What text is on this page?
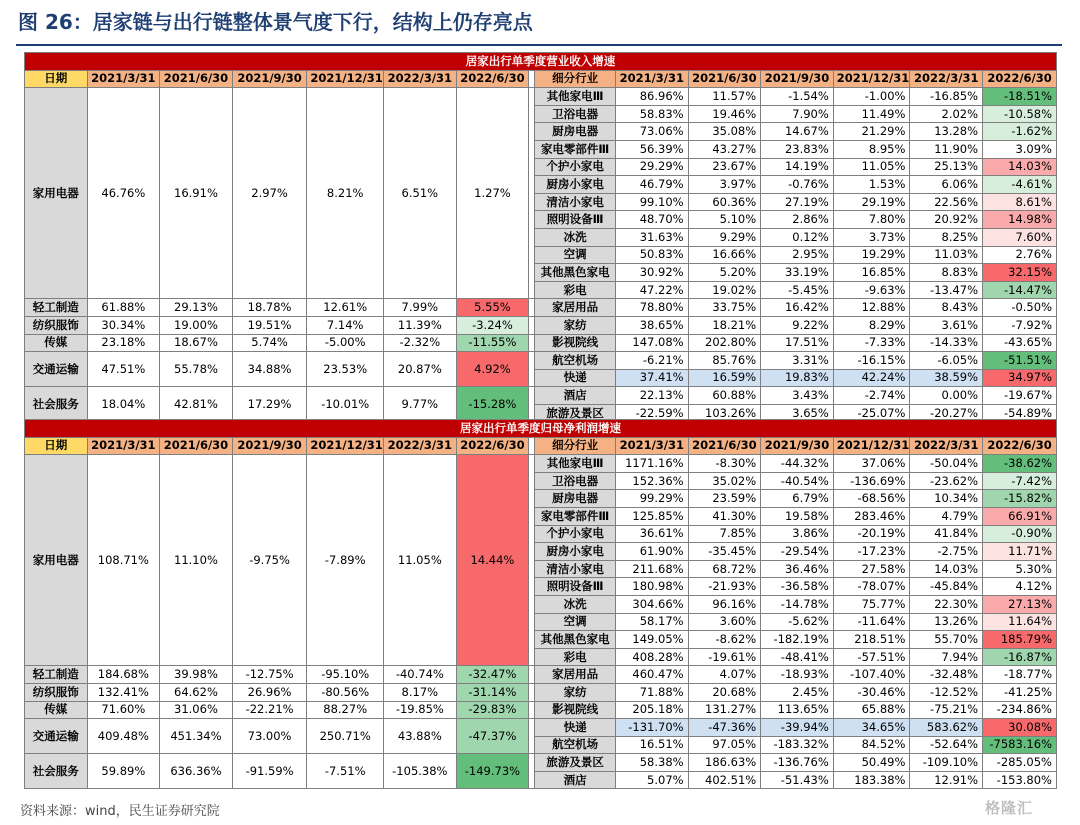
图 26：居家链与出行链整体景气度下行，结构上仍存亮点
居家出行单季度营业收入增速														
日期	2021/3/31	2021/6/30	2021/9/30	2021/12/31	2022/3/31	2022/6/30		细分行业	2021/3/31	2021/6/30	2021/9/30	2021/12/31	2022/3/31	2022/6/30
家用电器	46.76%	16.91%	2.97%	8.21%	6.51%	1.27%		其他家电Ⅲ	86.96%	11.57%	-1.54%	-1.00%	-16.85%	-18.51%
								卫浴电器	58.83%	19.46%	7.90%	11.49%	2.02%	-10.58%
								厨房电器	73.06%	35.08%	14.67%	21.29%	13.28%	-1.62%
								家电零部件Ⅲ	56.39%	43.27%	23.83%	8.95%	11.90%	3.09%
								个护小家电	29.29%	23.67%	14.19%	11.05%	25.13%	14.03%
								厨房小家电	46.79%	3.97%	-0.76%	1.53%	6.06%	-4.61%
								清洁小家电	99.10%	60.36%	27.19%	29.19%	22.56%	8.61%
								照明设备Ⅲ	48.70%	5.10%	2.86%	7.80%	20.92%	14.98%
								冰洗	31.63%	9.29%	0.12%	3.73%	8.25%	7.60%
								空调	50.83%	16.66%	2.95%	19.29%	11.03%	2.76%
								其他黑色家电	30.92%	5.20%	33.19%	16.85%	8.83%	32.15%
								彩电	47.22%	19.02%	-5.45%	-9.63%	-13.47%	-14.47%
轻工制造	61.88%	29.13%	18.78%	12.61%	7.99%	5.55%		家居用品	78.80%	33.75%	16.42%	12.88%	8.43%	-0.50%
纺织服饰	30.34%	19.00%	19.51%	7.14%	11.39%	-3.24%		家纺	38.65%	18.21%	9.22%	8.29%	3.61%	-7.92%
传媒	23.18%	18.67%	5.74%	-5.00%	-2.32%	-11.55%		影视院线	147.08%	202.80%	17.51%	-7.33%	-14.33%	-43.65%
交通运输	47.51%	55.78%	34.88%	23.53%	20.87%	4.92%		航空机场	-6.21%	85.76%	3.31%	-16.15%	-6.05%	-51.51%
								快递	37.41%	16.59%	19.83%	42.24%	38.59%	34.97%
社会服务	18.04%	42.81%	17.29%	-10.01%	9.77%	-15.28%		酒店	22.13%	60.88%	3.43%	-2.74%	0.00%	-19.67%
								旅游及景区	-22.59%	103.26%	3.65%	-25.07%	-20.27%	-54.89%
居家出行单季度归母净利润增速														
日期	2021/3/31	2021/6/30	2021/9/30	2021/12/31	2022/3/31	2022/6/30		细分行业	2021/3/31	2021/6/30	2021/9/30	2021/12/31	2022/3/31	2022/6/30
家用电器	108.71%	11.10%	-9.75%	-7.89%	11.05%	14.44%		其他家电Ⅲ	1171.16%	-8.30%	-44.32%	37.06%	-50.04%	-38.62%
								卫浴电器	152.36%	35.02%	-40.54%	-136.69%	-23.62%	-7.42%
								厨房电器	99.29%	23.59%	6.79%	-68.56%	10.34%	-15.82%
								家电零部件Ⅲ	125.85%	41.30%	19.58%	283.46%	4.79%	66.91%
								个护小家电	36.61%	7.85%	3.86%	-20.19%	41.84%	-0.90%
								厨房小家电	61.90%	-35.45%	-29.54%	-17.23%	-2.75%	11.71%
								清洁小家电	211.68%	68.72%	36.46%	27.58%	14.03%	5.30%
								照明设备Ⅲ	180.98%	-21.93%	-36.58%	-78.07%	-45.84%	4.12%
								冰洗	304.66%	96.16%	-14.78%	75.77%	22.30%	27.13%
								空调	58.17%	3.60%	-5.62%	-11.64%	13.26%	11.64%
								其他黑色家电	149.05%	-8.62%	-182.19%	218.51%	55.70%	185.79%
								彩电	408.28%	-19.61%	-48.41%	-57.51%	7.94%	-16.87%
轻工制造	184.68%	39.98%	-12.75%	-95.10%	-40.74%	-32.47%		家居用品	460.47%	4.07%	-18.93%	-107.40%	-32.48%	-18.77%
纺织服饰	132.41%	64.62%	26.96%	-80.56%	8.17%	-31.14%		家纺	71.88%	20.68%	2.45%	-30.46%	-12.52%	-41.25%
传媒	71.60%	31.06%	-22.21%	88.27%	-19.85%	-29.83%		影视院线	205.18%	131.27%	113.65%	65.88%	-75.21%	-234.86%
交通运输	409.48%	451.34%	73.00%	250.71%	43.88%	-47.37%		快递	-131.70%	-47.36%	-39.94%	34.65%	583.62%	30.08%
								航空机场	16.51%	97.05%	-183.32%	84.52%	-52.64%	-7583.16%
社会服务	59.89%	636.36%	-91.59%	-7.51%	-105.38%	-149.73%		旅游及景区	58.38%	186.63%	-136.76%	50.49%	-109.10%	-285.05%
								酒店	5.07%	402.51%	-51.43%	183.38%	12.91%	-153.80%
资料来源：wind，民生证券研究院	格隆汇
